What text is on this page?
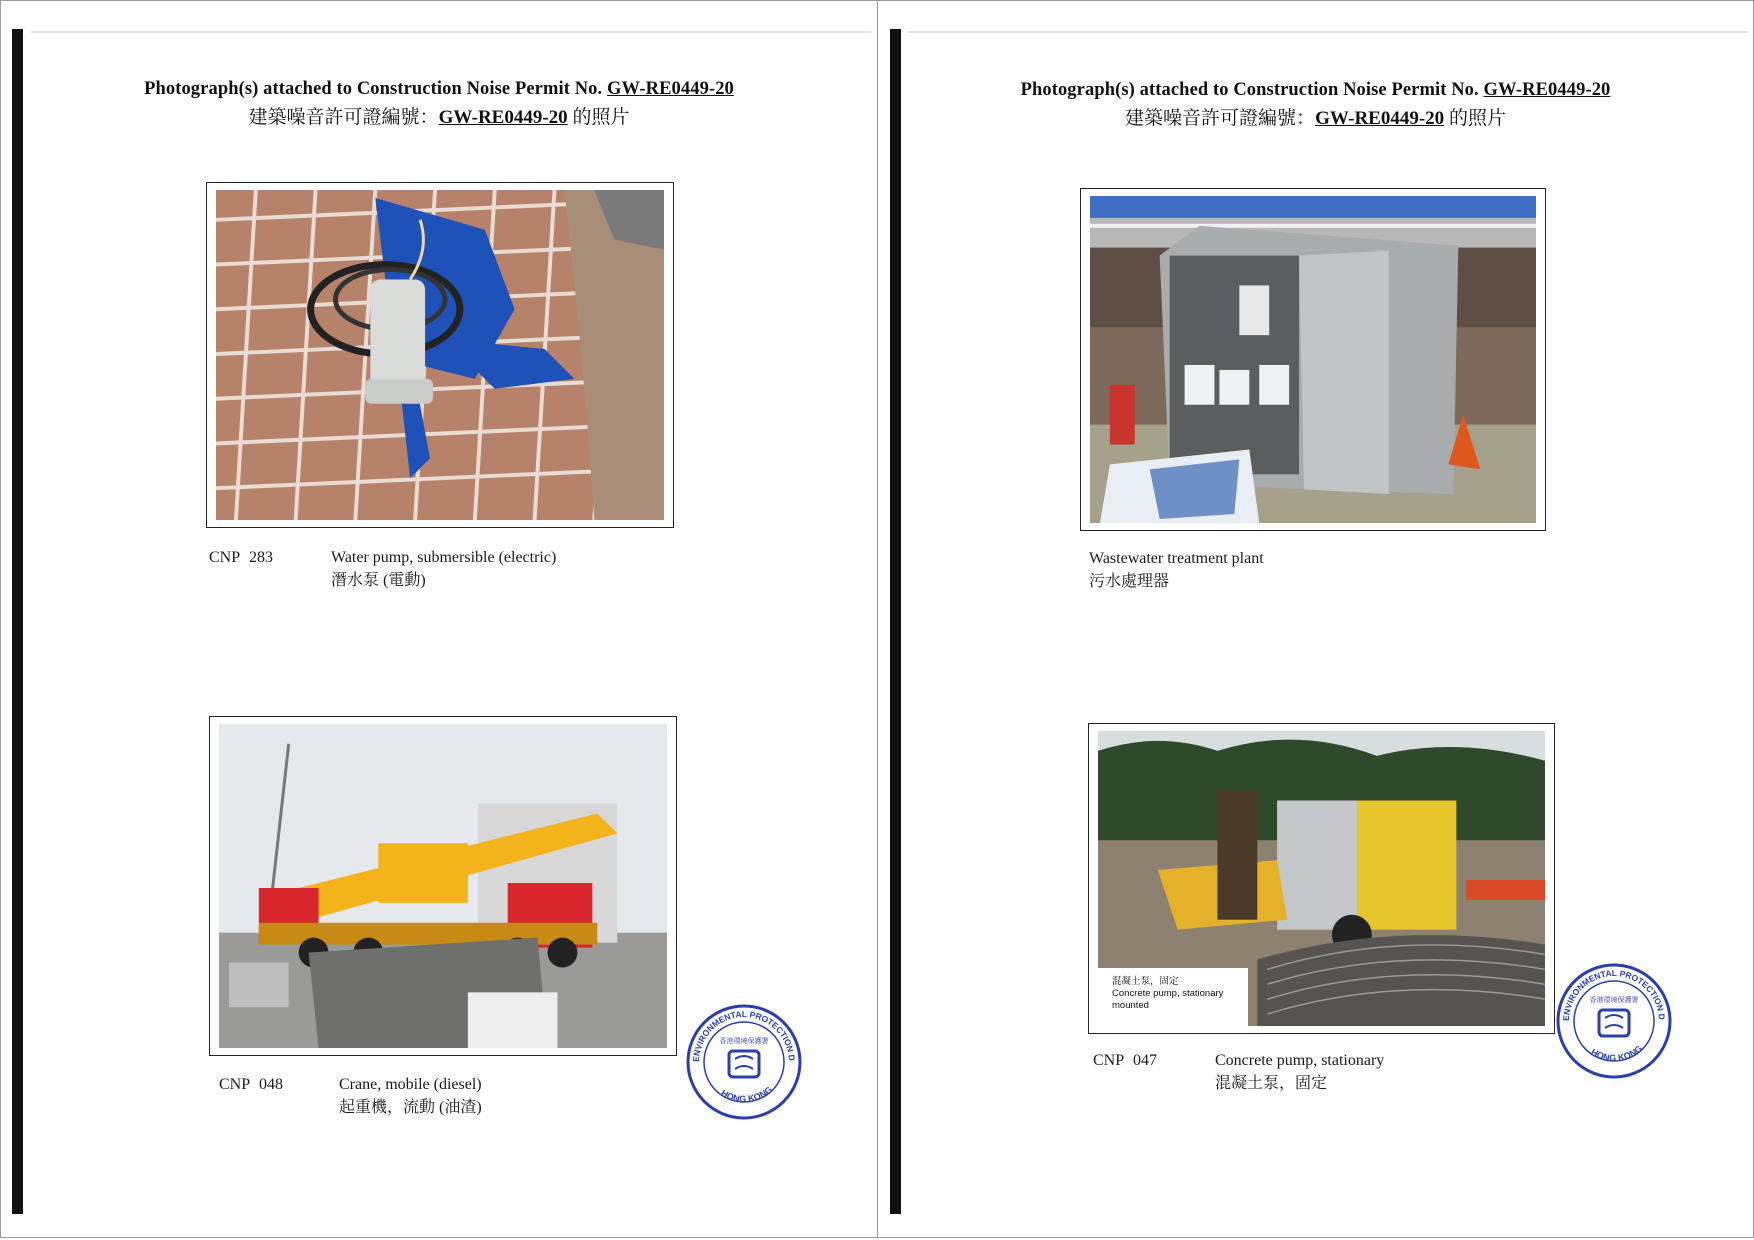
Photograph(s) attached to Construction Noise Permit No. GW-RE0449-20
建築噪音許可證編號：GW-RE0449-20 的照片
CNP 283	Water pump, submersible (electric)
潛水泵 (電動)
CNP 048	Crane, mobile (diesel)
起重機，流動 (油渣)
ENVIRONMENTAL PROTECTION D
HONG KONG
香港環境保護署
Photograph(s) attached to Construction Noise Permit No. GW-RE0449-20
建築噪音許可證編號：GW-RE0449-20 的照片
Wastewater treatment plant
污水處理器
混凝土泵，固定
Concrete pump, stationary
mounted
CNP 047	Concrete pump, stationary
混凝土泵，固定
ENVIRONMENTAL PROTECTION D
HONG KONG
香港環境保護署
